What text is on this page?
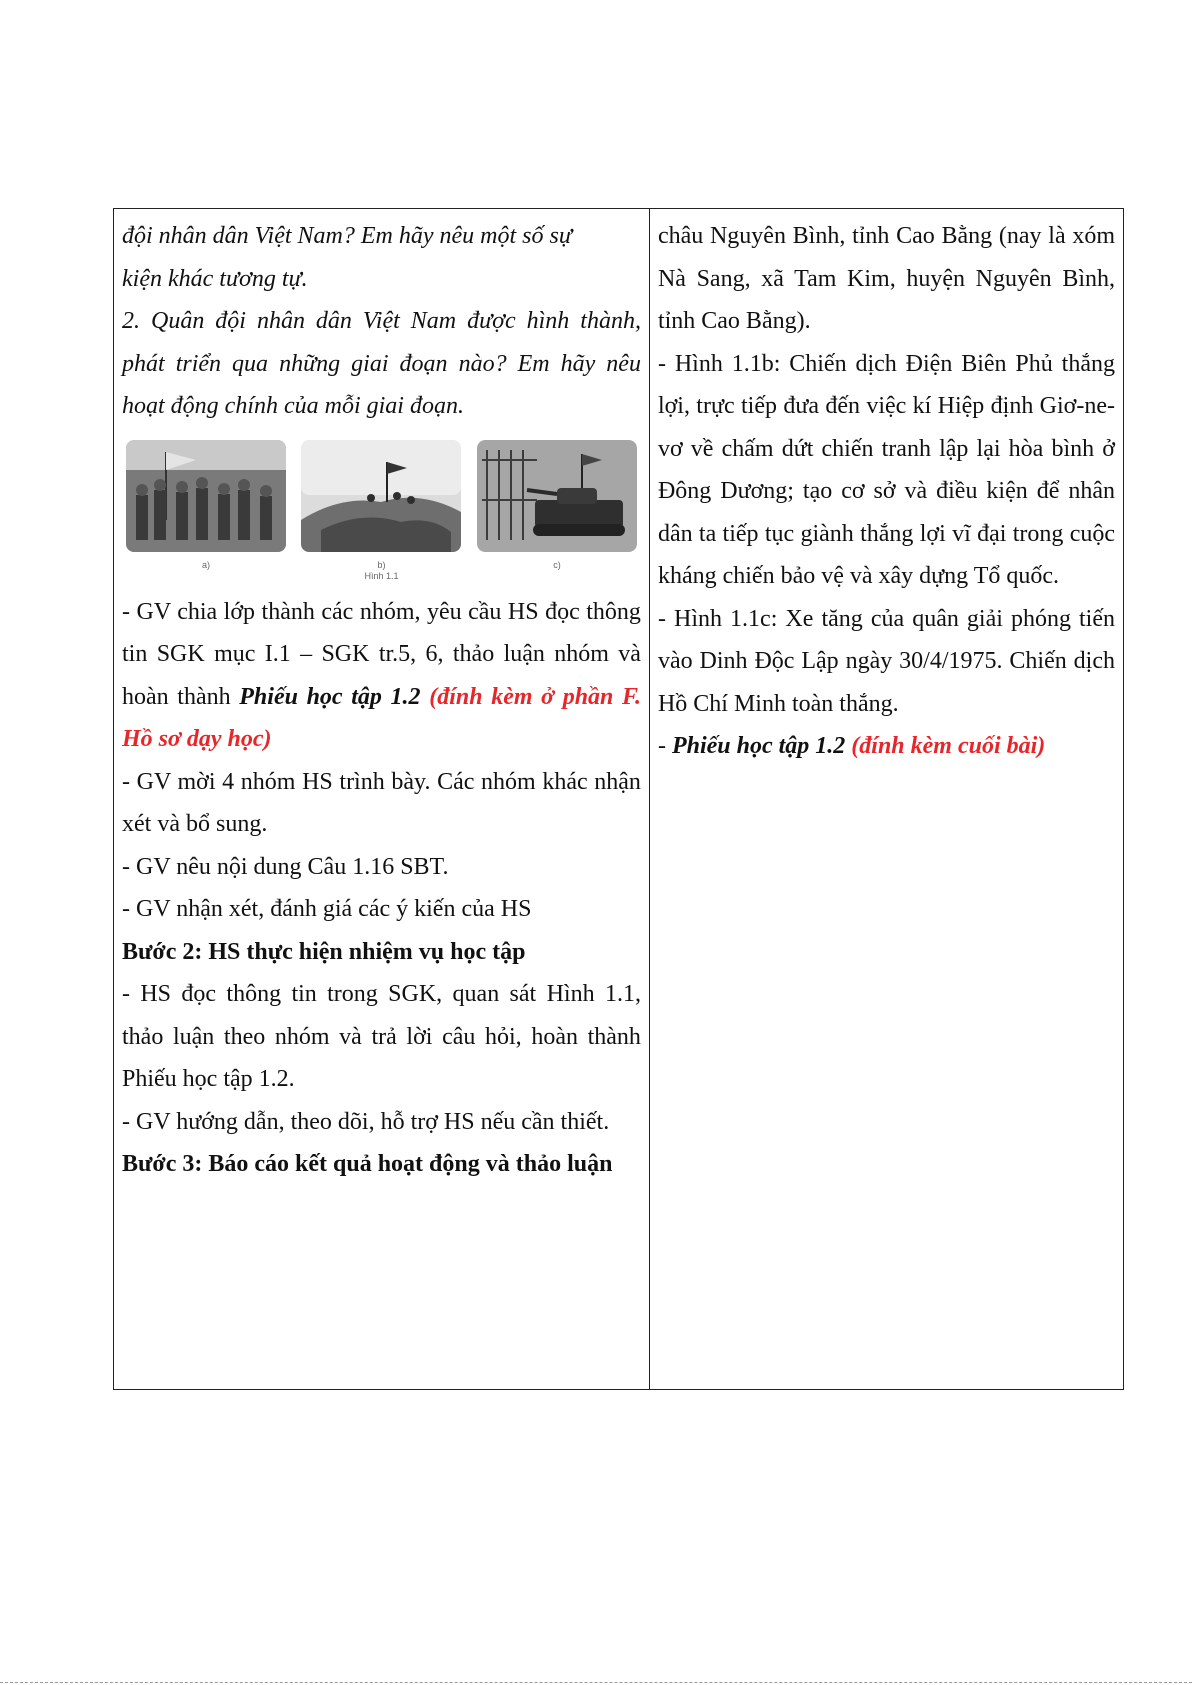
đội nhân dân Việt Nam? Em hãy nêu một số sự

kiện khác tương tự.

2. Quân đội nhân dân Việt Nam được hình thành, phát triển qua những giai đoạn nào? Em hãy nêu hoạt động chính của mỗi giai đoạn.

a)	b)	c)
Hình 1.1

- GV chia lớp thành các nhóm, yêu cầu HS đọc thông tin SGK mục I.1 – SGK tr.5, 6, thảo luận nhóm và hoàn thành Phiếu học tập 1.2 (đính kèm ở phần F. Hồ sơ dạy học)

- GV mời 4 nhóm HS trình bày. Các nhóm khác nhận xét và bổ sung.

- GV nêu nội dung Câu 1.16 SBT.

- GV nhận xét, đánh giá các ý kiến của HS

Bước 2: HS thực hiện nhiệm vụ học tập

- HS đọc thông tin trong SGK, quan sát Hình 1.1, thảo luận theo nhóm và trả lời câu hỏi, hoàn thành Phiếu học tập 1.2.

- GV hướng dẫn, theo dõi, hỗ trợ HS nếu cần thiết.

Bước 3: Báo cáo kết quả hoạt động và thảo luận

châu Nguyên Bình, tỉnh Cao Bằng (nay là xóm Nà Sang, xã Tam Kim, huyện Nguyên Bình, tỉnh Cao Bằng).

- Hình 1.1b: Chiến dịch Điện Biên Phủ thắng lợi, trực tiếp đưa đến việc kí Hiệp định Giơ-ne-vơ về chấm dứt chiến tranh lập lại hòa bình ở Đông Dương; tạo cơ sở và điều kiện để nhân dân ta tiếp tục giành thắng lợi vĩ đại trong cuộc kháng chiến bảo vệ và xây dựng Tổ quốc.

- Hình 1.1c: Xe tăng của quân giải phóng tiến vào Dinh Độc Lập ngày 30/4/1975. Chiến dịch Hồ Chí Minh toàn thắng.

- Phiếu học tập 1.2 (đính kèm cuối bài)
